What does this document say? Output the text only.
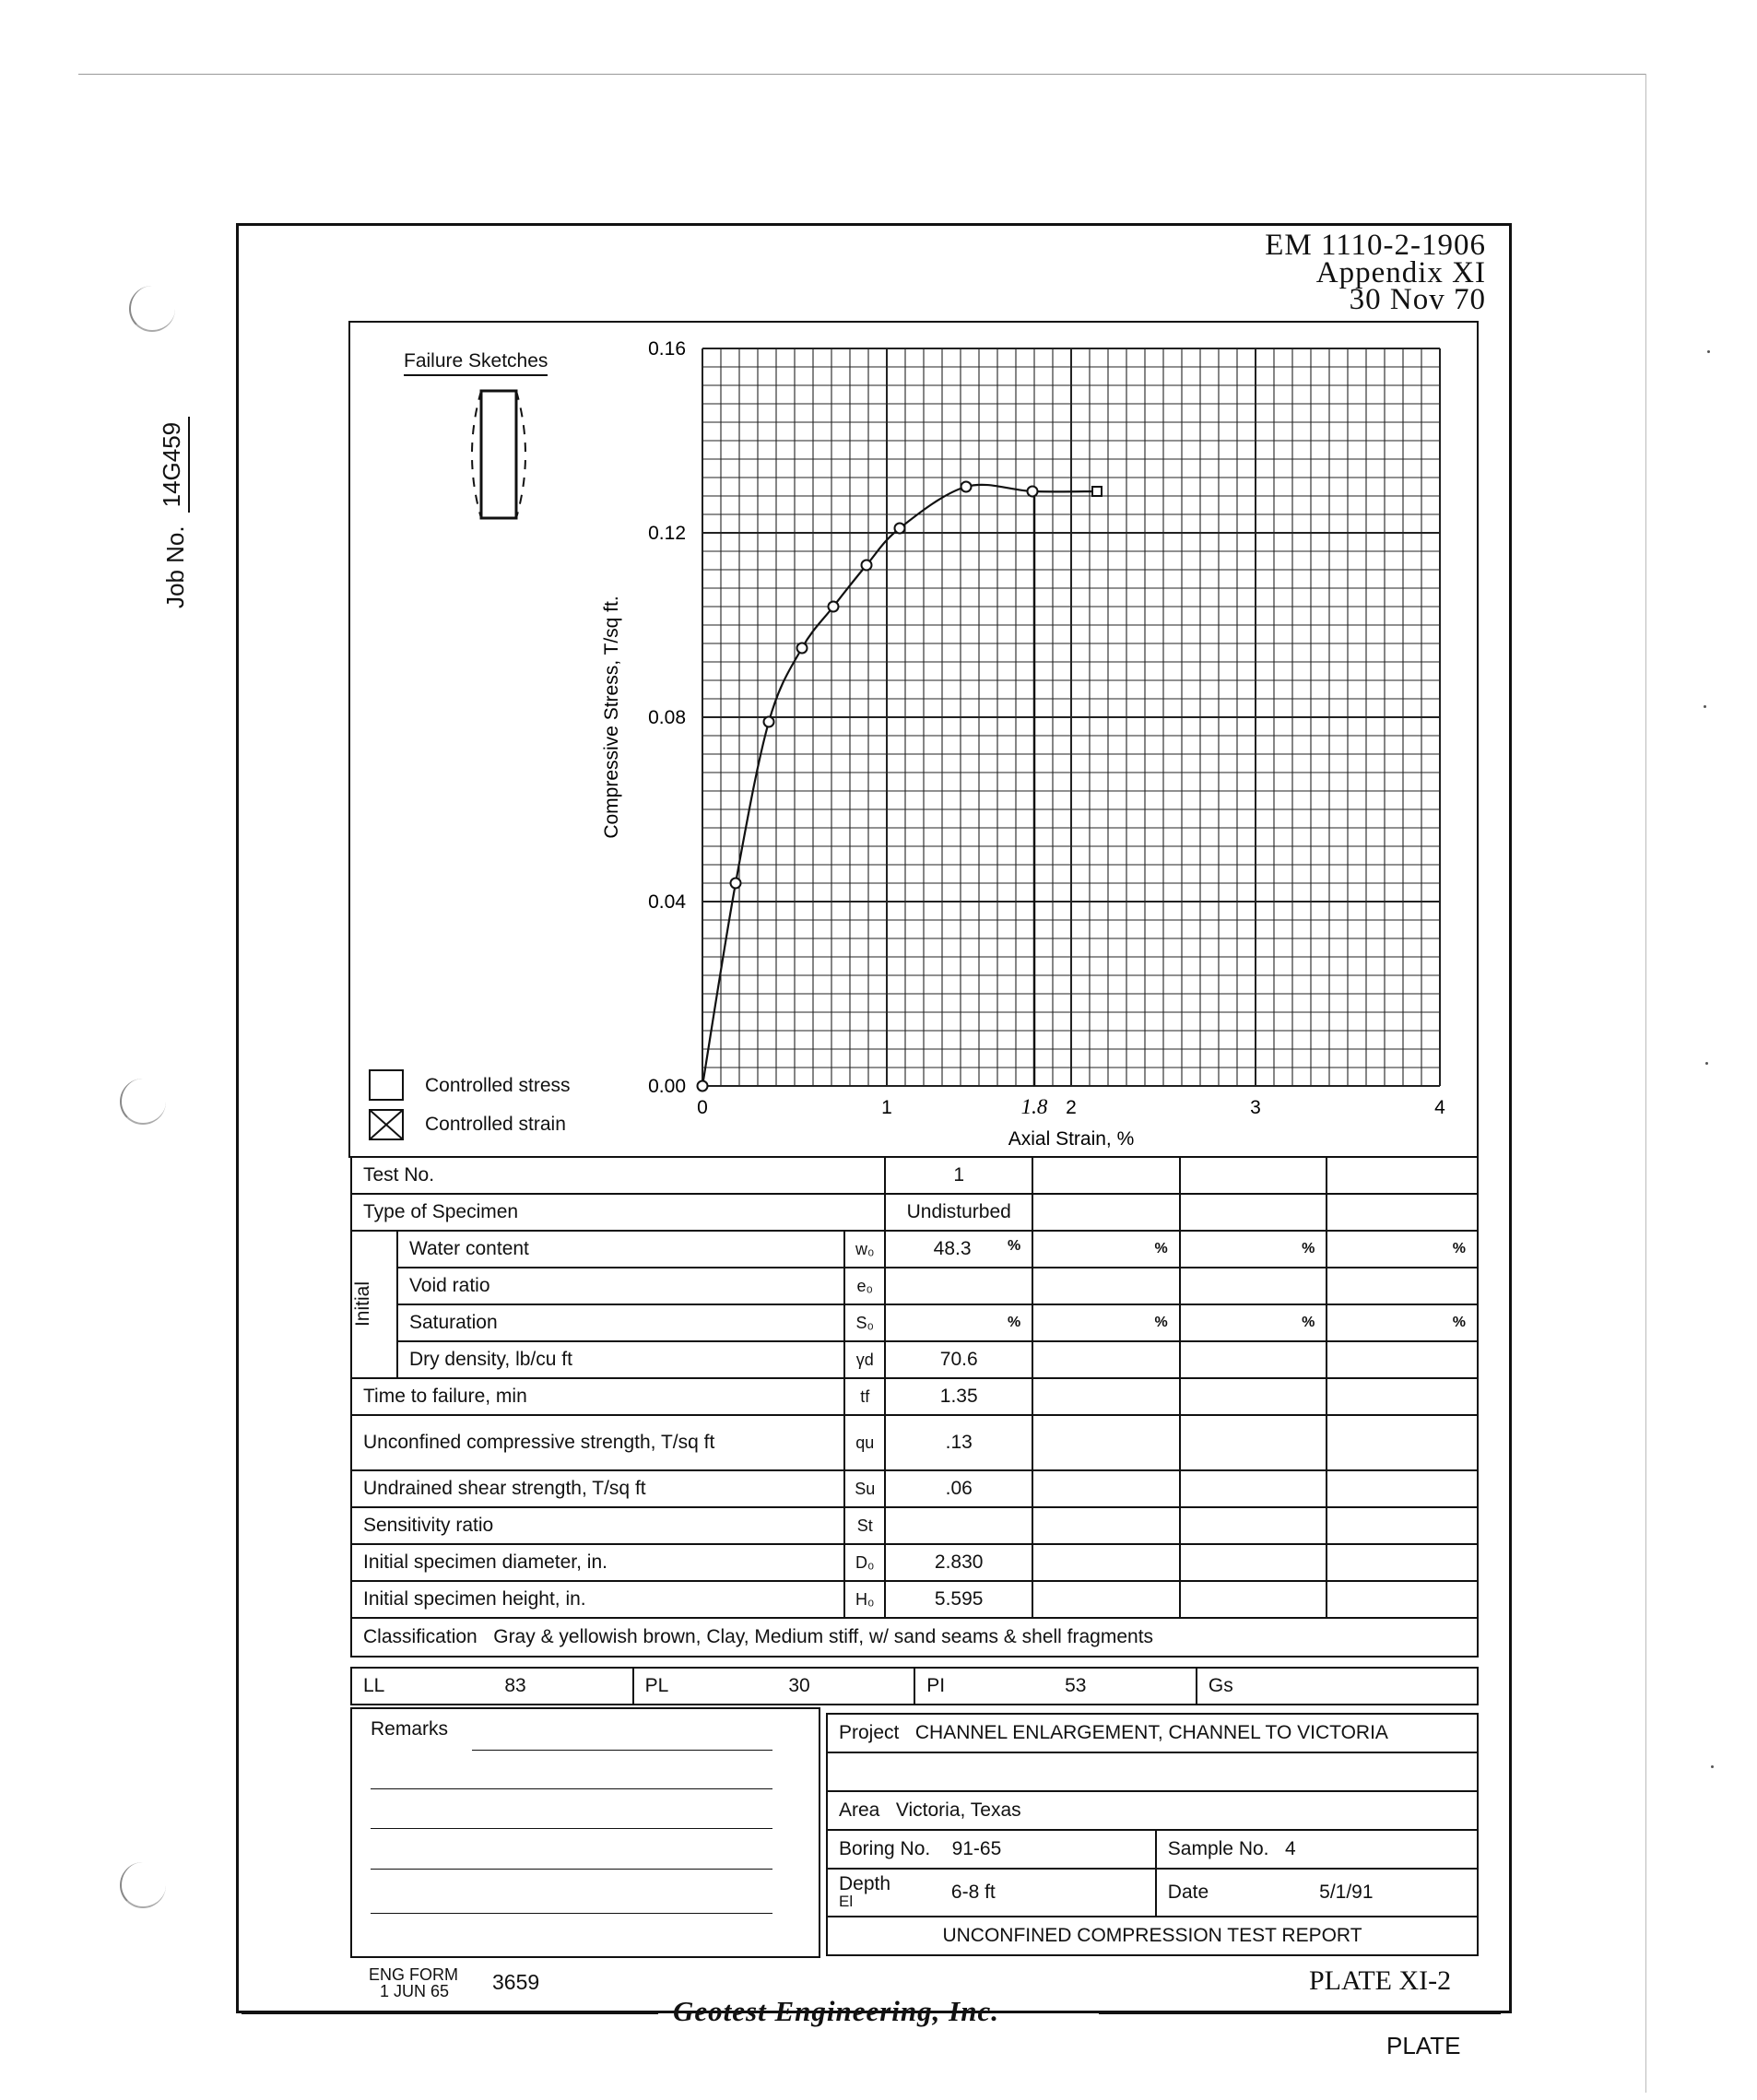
Job No.
14G459
EM 1110-2-1906
Appendix XI
30 Nov 70
0.00
0.04
0.08
0.12
0.16
0	1	2	3	4
Axial Strain, %
Compressive Stress, T/sq ft.
1.8
Failure Sketches
Controlled stress
Controlled strain
Test No.			1			
Type of Specimen			Undisturbed			

Initial	Water content	w₀	48.3 %	%	%	%

	Void ratio	e₀				
	Saturation	S₀	%	%	%	%

	Dry density, lb/cu ft	γd	70.6			
Time to failure, min		tf	1.35			
Unconfined compressive strength, T/sq ft		qu	.13			
Undrained shear strength, T/sq ft		Su	.06			
Sensitivity ratio		St				
Initial specimen diameter, in.		D₀	2.830			
Initial specimen height, in.		H₀	5.595			
Classification Gray & yellowish brown, Clay, Medium stiff, w/ sand seams & shell fragments						
LL	83	PL	30	PI	53	Gs
Remarks	Project CHANNEL ENLARGEMENT, CHANNEL TO VICTORIA	

Area Victoria, Texas	
Boring No. 91-65	Sample No. 4
Depth
El 6-8 ft	Date 5/1/91
UNCONFINED COMPRESSION TEST REPORT	
ENG FORM
1 JUN 65	3659	PLATE XI-2
Geotest Engineering, Inc.
PLATE
